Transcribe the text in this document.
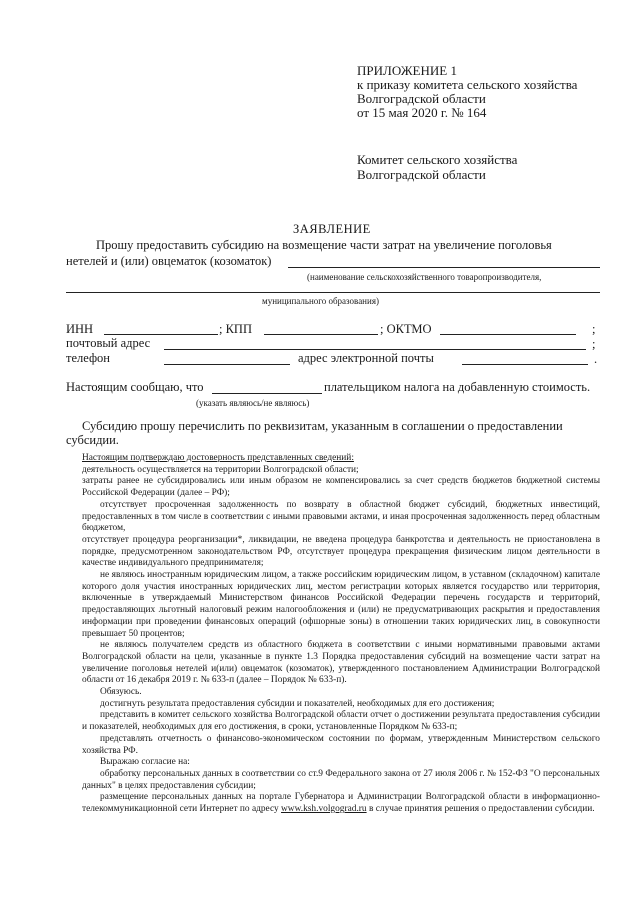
ПРИЛОЖЕНИЕ 1
к приказу комитета сельского хозяйства
Волгоградской области
от 15 мая 2020 г. № 164
Комитет сельского хозяйства
Волгоградской области
ЗАЯВЛЕНИЕ
Прошу предоставить субсидию на возмещение части затрат на увеличение поголовья
нетелей и (или) овцематок (козоматок)
(наименование сельскохозяйственного товаропроизводителя,
муниципального образования)
ИНН	; КПП	; ОКТМО	;
почтовый адрес	;
телефон	адрес электронной почты	.
Настоящим сообщаю, что	плательщиком налога на добавленную стоимость.
(указать являюсь/не являюсь)
Субсидию прошу перечислить по реквизитам, указанным в соглашении о предоставлении
субсидии.

Настоящим подтверждаю достоверность представленных сведений:

деятельность осуществляется на территории Волгоградской области;

затраты ранее не субсидировались или иным образом не компенсировались за счет средств бюджетов бюджетной системы Российской Федерации (далее – РФ);

отсутствует просроченная задолженность по возврату в областной бюджет субсидий, бюджетных инвестиций, предоставленных в том числе в соответствии с иными правовыми актами, и иная просроченная задолженность перед областным бюджетом,

отсутствует процедура реорганизации*, ликвидации, не введена процедура банкротства и деятельность не приостановлена в порядке, предусмотренном законодательством РФ, отсутствует процедура прекращения физическим лицом деятельности в качестве индивидуального предпринимателя;

не являюсь иностранным юридическим лицом, а также российским юридическим лицом, в уставном (складочном) капитале которого доля участия иностранных юридических лиц, местом регистрации которых является государство или территория, включенные в утверждаемый Министерством финансов Российской Федерации перечень государств и территорий, предоставляющих льготный налоговый режим налогообложения и (или) не предусматривающих раскрытия и предоставления информации при проведении финансовых операций (офшорные зоны) в отношении таких юридических лиц, в совокупности превышает 50 процентов;

не являюсь получателем средств из областного бюджета в соответствии с иными нормативными правовыми актами Волгоградской области на цели, указанные в пункте 1.3 Порядка предоставления субсидий на возмещение части затрат на увеличение поголовья нетелей и(или) овцематок (козоматок), утвержденного постановлением Администрации Волгоградской области от 16 декабря 2019 г. № 633-п (далее – Порядок № 633-п).

Обязуюсь.

достигнуть результата предоставления субсидии и показателей, необходимых для его достижения;

представить в комитет сельского хозяйства Волгоградской области отчет о достижении результата предоставления субсидии и показателей, необходимых для его достижения, в сроки, установленные Порядком № 633-п;

представлять отчетность о финансово-экономическом состоянии по формам, утвержденным Министерством сельского хозяйства РФ.

Выражаю согласие на:

обработку персональных данных в соответствии со ст.9 Федерального закона от 27 июля 2006 г. № 152-ФЗ "О персональных данных" в целях предоставления субсидии;

размещение персональных данных на портале Губернатора и Администрации Волгоградской области в информационно-телекоммуникационной сети Интернет по адресу www.ksh.volgograd.ru в случае принятия решения о предоставлении субсидии.
